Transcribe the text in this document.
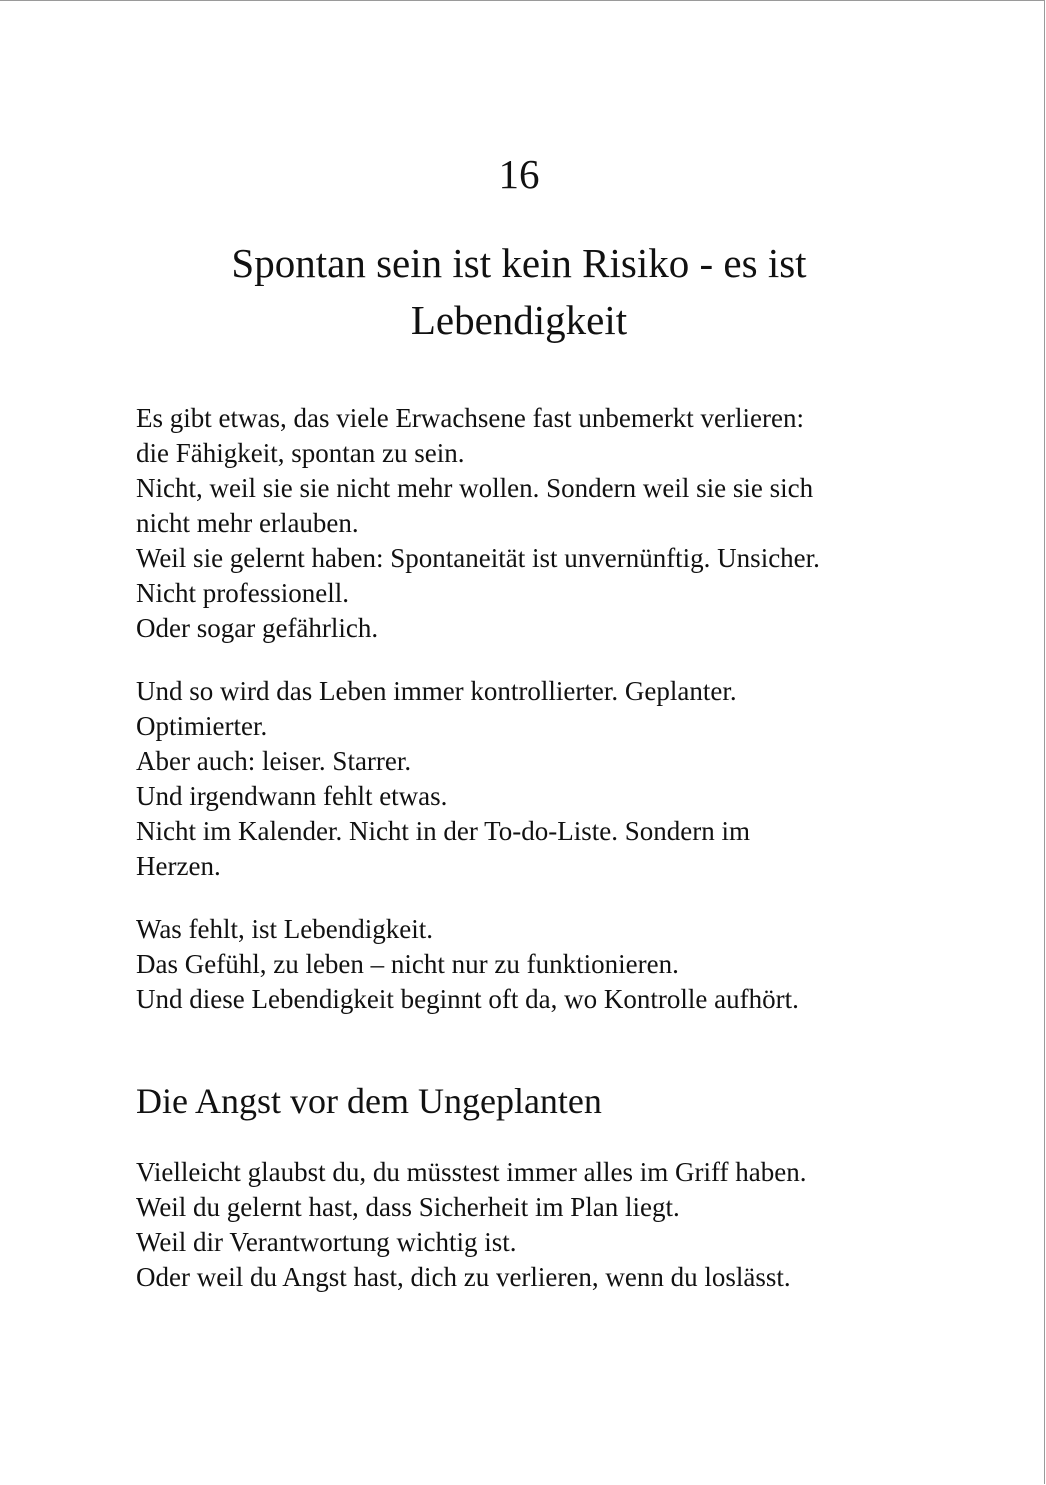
16
Spontan sein ist kein Risiko - es ist
Lebendigkeit

Es gibt etwas, das viele Erwachsene fast unbemerkt verlieren:
die Fähigkeit, spontan zu sein.
Nicht, weil sie sie nicht mehr wollen. Sondern weil sie sie sich
nicht mehr erlauben.
Weil sie gelernt haben: Spontaneität ist unvernünftig. Unsicher.
Nicht professionell.
Oder sogar gefährlich.

Und so wird das Leben immer kontrollierter. Geplanter.
Optimierter.
Aber auch: leiser. Starrer.
Und irgendwann fehlt etwas.
Nicht im Kalender. Nicht in der To-do-Liste. Sondern im
Herzen.

Was fehlt, ist Lebendigkeit.
Das Gefühl, zu leben – nicht nur zu funktionieren.
Und diese Lebendigkeit beginnt oft da, wo Kontrolle aufhört.

Die Angst vor dem Ungeplanten

Vielleicht glaubst du, du müsstest immer alles im Griff haben.
Weil du gelernt hast, dass Sicherheit im Plan liegt.
Weil dir Verantwortung wichtig ist.
Oder weil du Angst hast, dich zu verlieren, wenn du loslässt.
